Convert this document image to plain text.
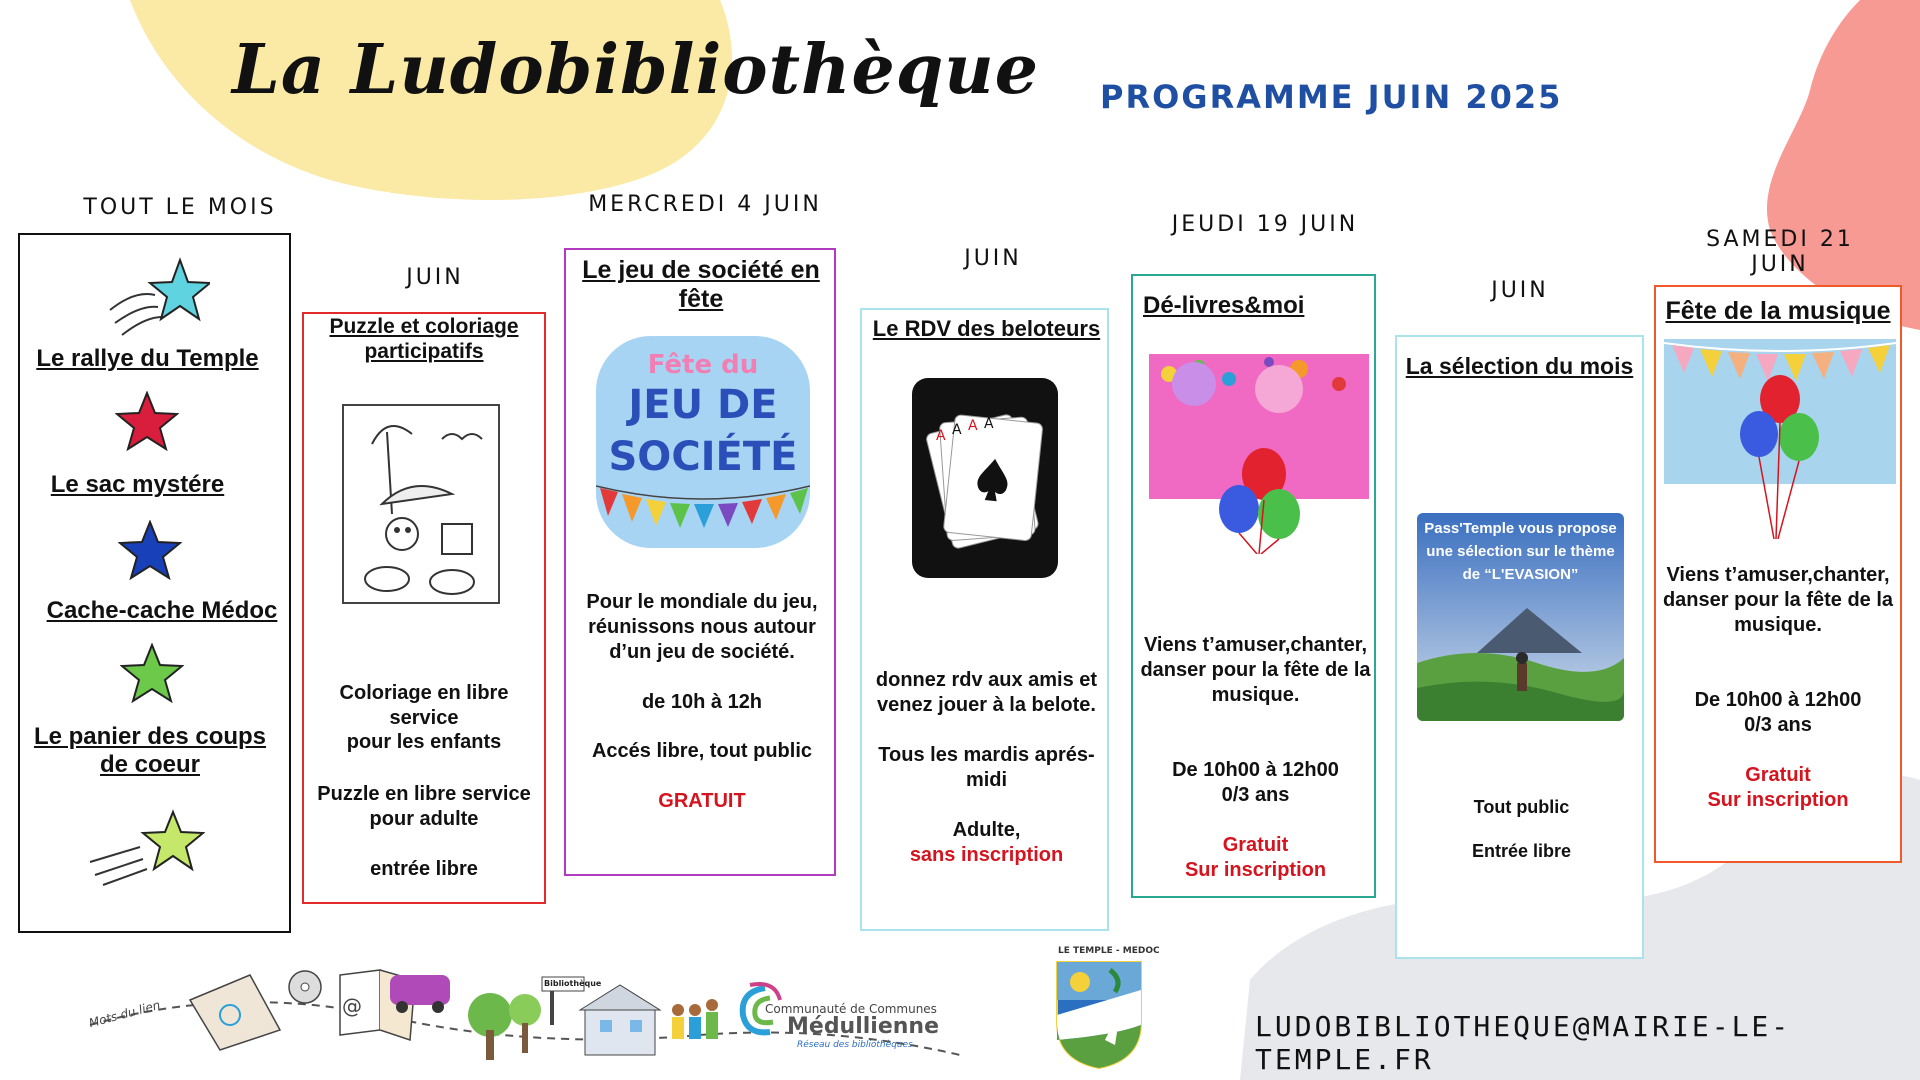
La Ludobibliothèque PROGRAMME JUIN 2025
TOUT LE MOIS
Le rallye du Temple
Le sac mystére
Cache-cache Médoc
Le panier des coups de coeur
JUIN
Puzzle et coloriage participatifs
Coloriage en libre service
pour les enfants
Puzzle en libre service pour adulte
entrée libre
MERCREDI 4 JUIN
Le jeu de société en fête
Fête du
JEU DE
SOCIÉTÉ
Pour le mondiale du jeu, réunissons nous autour d’un jeu de société.
de 10h à 12h
Accés libre, tout public
GRATUIT
JUIN
Le RDV des beloteurs
A A A A
donnez rdv aux amis et venez jouer à la belote.
Tous les mardis aprés-midi
Adulte,
sans inscription
JEUDI 19 JUIN
Dé-livres&moi
Viens t’amuser,chanter, danser pour la fête de la musique.
De 10h00 à 12h00
0/3 ans
Gratuit
Sur inscription
JUIN
La sélection du mois
Pass'Temple vous propose une sélection sur le thème de “L'EVASION”
Tout public
Entrée libre
SAMEDI 21 JUIN
Fête de la musique
Viens t’amuser,chanter, danser pour la fête de la musique.
De 10h00 à 12h00
0/3 ans
Gratuit
Sur inscription
@
Mots du lien
Bibliothèque
Communauté de Communes
Médullienne
Réseau des bibliothèques
LE TEMPLE - MEDOC
LUDOBIBLIOTHEQUE@MAIRIE-LE-TEMPLE.FR
